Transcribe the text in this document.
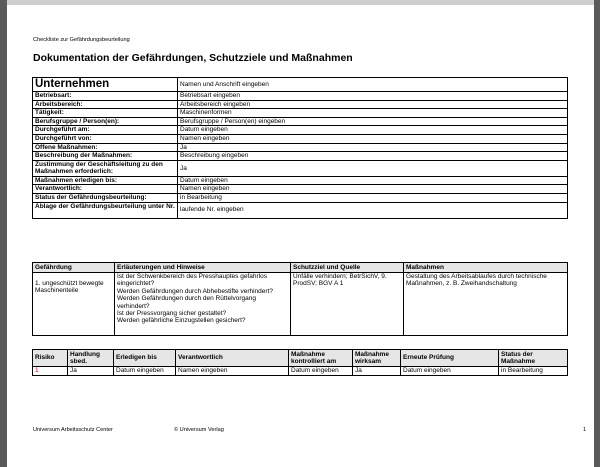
Checkliste zur Gefährdungsbeurteilung
Dokumentation der Gefährdungen, Schutzziele und Maßnahmen
Unternehmen	Namen und Anschrift eingeben
Betriebsart:	Betriebsart eingeben
Arbeitsbereich:	Arbeitsbereich eingeben
Tätigkeit:	Maschinenformen
Berufsgruppe / Person(en):	Berufsgruppe / Person(en) eingeben
Durchgeführt am:	Datum eingeben
Durchgeführt von:	Namen eingeben
Offene Maßnahmen:	Ja
Beschreibung der Maßnahmen:	Beschreibung eingeben
Zustimmung der Geschäftsleitung zu den Maßnahmen erforderlich:	Ja
Maßnahmen erledigen bis:	Datum eingeben
Verantwortlich:	Namen eingeben
Status der Gefährdungsbeurteilung:	in Bearbeitung
Ablage der Gefährdungsbeurteilung unter Nr.	laufende Nr. eingeben
Gefährdung	Erläuterungen und Hinweise	Schutzziel und Quelle	Maßnahmen

1. ungeschützt bewegte Maschinenteile	Ist der Schwenkbereich des Presshauptes gefahrlos eingerichtet?
Werden Gefährdungen durch Abhebestifte verhindert?
Werden Gefährdungen durch den Rüttelvorgang verhindert?
Ist der Pressvorgang sicher gestaltet?
Werden gefährliche Einzugstellen gesichert?	Unfälle verhindern; BetrSichV, 9. ProdSV; BGV A 1	Gestaltung des Arbeitsablaufes durch technische Maßnahmen, z. B. Zweihandschaltung
Risiko	Handlung sbed.	Erledigen bis	Verantwortlich	Maßnahme kontrolliert am	Maßnahme wirksam	Erneute Prüfung	Status der Maßnahme
1	Ja	Datum eingeben	Namen eingeben	Datum eingeben	Ja	Datum eingeben	in Bearbeitung
Universum Arbeitsschutz Center	© Universum Verlag	1
